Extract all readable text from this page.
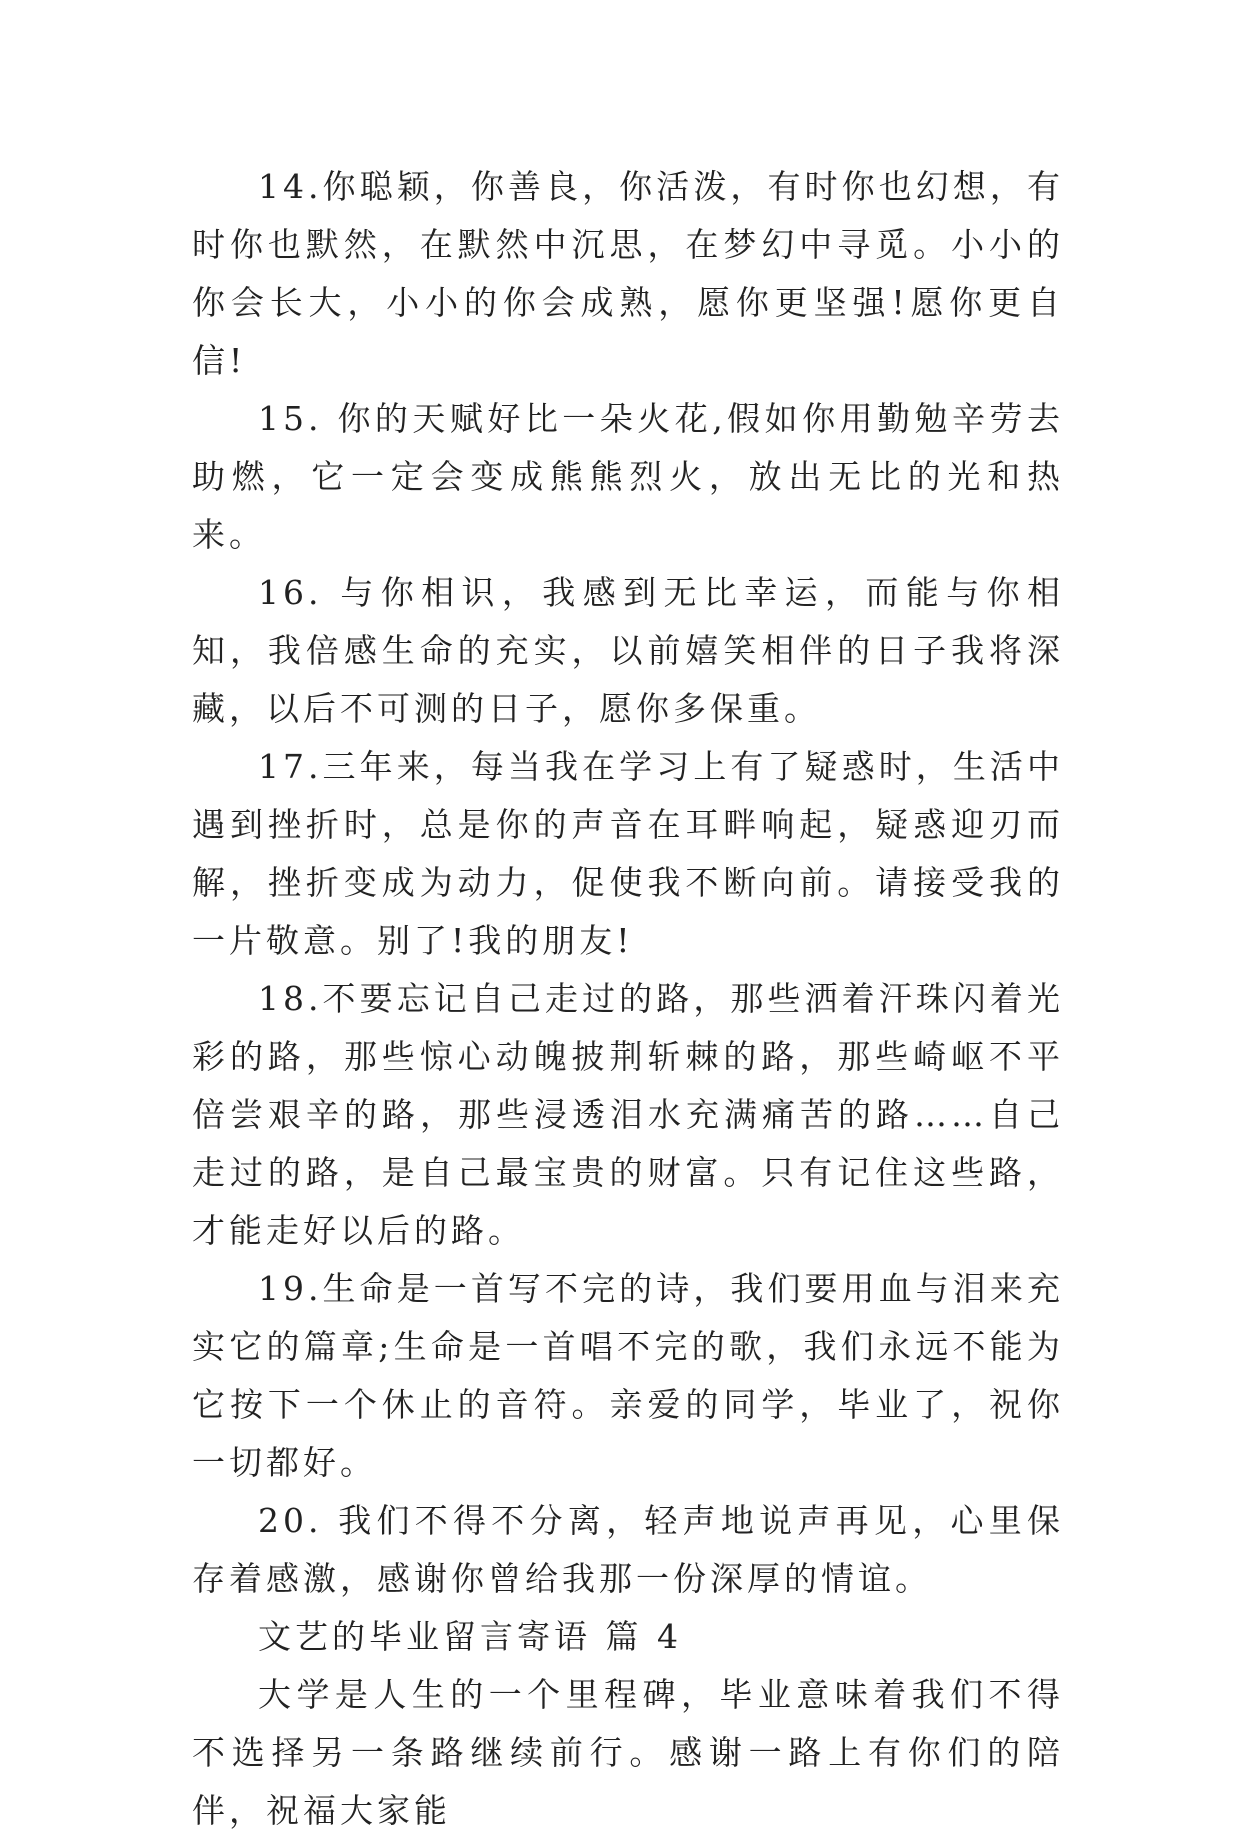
14.你聪颖，你善良，你活泼，有时你也幻想，有时你也默然，在默然中沉思，在梦幻中寻觅。小小的你会长大，小小的你会成熟，愿你更坚强!愿你更自信!

15. 你的天赋好比一朵火花,假如你用勤勉辛劳去助燃，它一定会变成熊熊烈火，放出无比的光和热来。

16. 与你相识，我感到无比幸运，而能与你相知，我倍感生命的充实，以前嬉笑相伴的日子我将深藏，以后不可测的日子，愿你多保重。

17.三年来，每当我在学习上有了疑惑时，生活中遇到挫折时，总是你的声音在耳畔响起，疑惑迎刃而解，挫折变成为动力，促使我不断向前。请接受我的一片敬意。别了!我的朋友!

18.不要忘记自己走过的路，那些洒着汗珠闪着光彩的路，那些惊心动魄披荆斩棘的路，那些崎岖不平倍尝艰辛的路，那些浸透泪水充满痛苦的路……自己走过的路，是自己最宝贵的财富。只有记住这些路，才能走好以后的路。

19.生命是一首写不完的诗，我们要用血与泪来充实它的篇章;生命是一首唱不完的歌，我们永远不能为它按下一个休止的音符。亲爱的同学，毕业了，祝你一切都好。

20. 我们不得不分离，轻声地说声再见，心里保存着感激，感谢你曾给我那一份深厚的情谊。

文艺的毕业留言寄语 篇 4

大学是人生的一个里程碑，毕业意味着我们不得不选择另一条路继续前行。感谢一路上有你们的陪伴，祝福大家能
